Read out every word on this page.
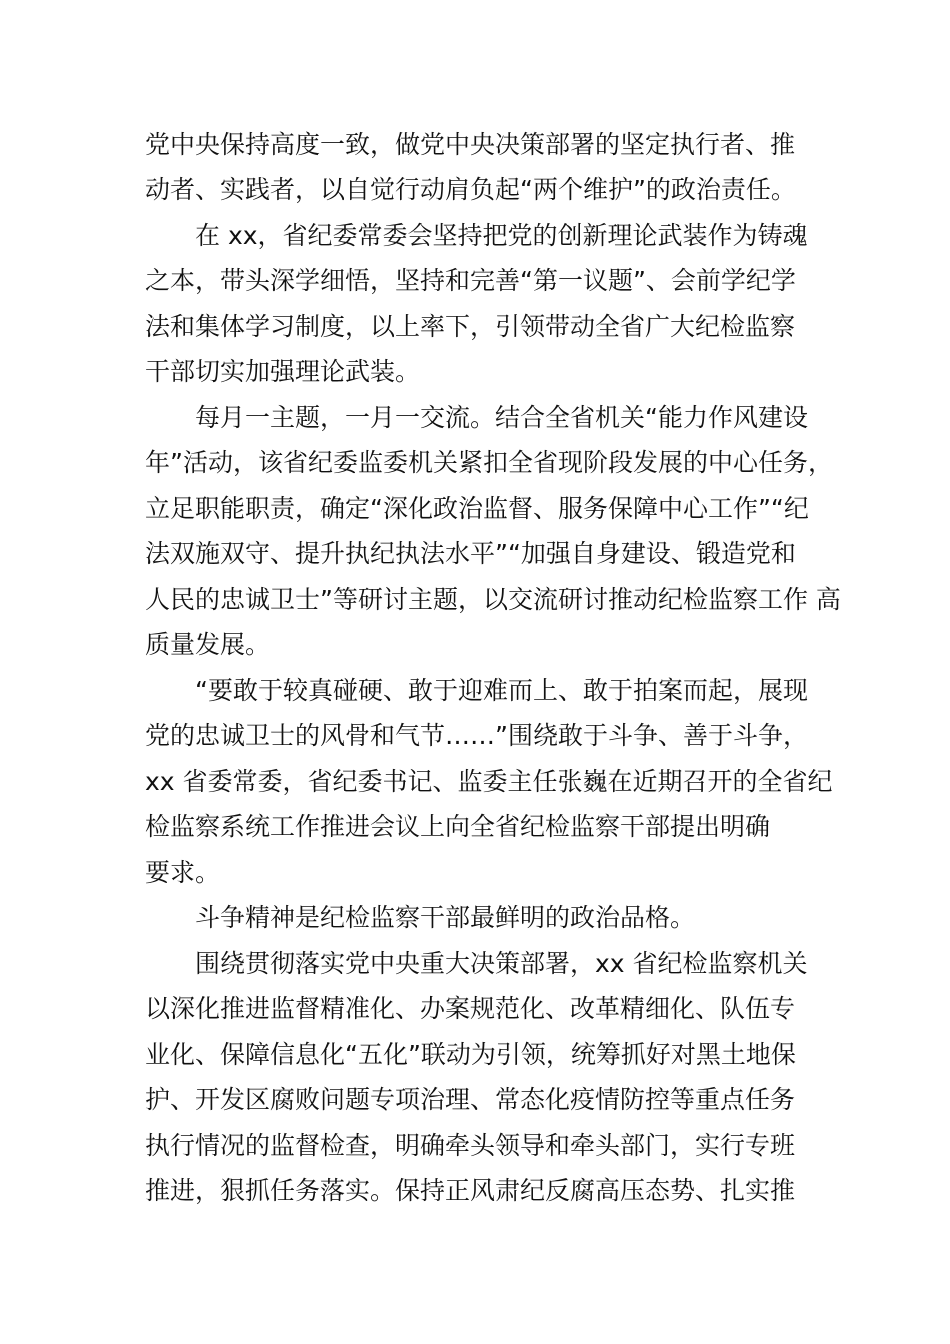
党中央保持高度一致，做党中央决策部署的坚定执行者、推
动者、实践者，以自觉行动肩负起“两个维护”的政治责任。
在 xx，省纪委常委会坚持把党的创新理论武装作为铸魂
之本，带头深学细悟，坚持和完善“第一议题”、会前学纪学
法和集体学习制度，以上率下，引领带动全省广大纪检监察
干部切实加强理论武装。
每月一主题，一月一交流。结合全省机关“能力作风建设
年”活动，该省纪委监委机关紧扣全省现阶段发展的中心任务，
立足职能职责，确定“深化政治监督、服务保障中心工作”“纪
法双施双守、提升执纪执法水平”“加强自身建设、锻造党和
人民的忠诚卫士”等研讨主题，以交流研讨推动纪检监察工作 高
质量发展。
“要敢于较真碰硬、敢于迎难而上、敢于拍案而起，展现
党的忠诚卫士的风骨和气节……”围绕敢于斗争、善于斗争，
xx 省委常委，省纪委书记、监委主任张巍在近期召开的全省纪
检监察系统工作推进会议上向全省纪检监察干部提出明确
要求。
斗争精神是纪检监察干部最鲜明的政治品格。
围绕贯彻落实党中央重大决策部署，xx 省纪检监察机关
以深化推进监督精准化、办案规范化、改革精细化、队伍专
业化、保障信息化“五化”联动为引领，统筹抓好对黑土地保
护、开发区腐败问题专项治理、常态化疫情防控等重点任务
执行情况的监督检查，明确牵头领导和牵头部门，实行专班
推进，狠抓任务落实。保持正风肃纪反腐高压态势、扎实推
